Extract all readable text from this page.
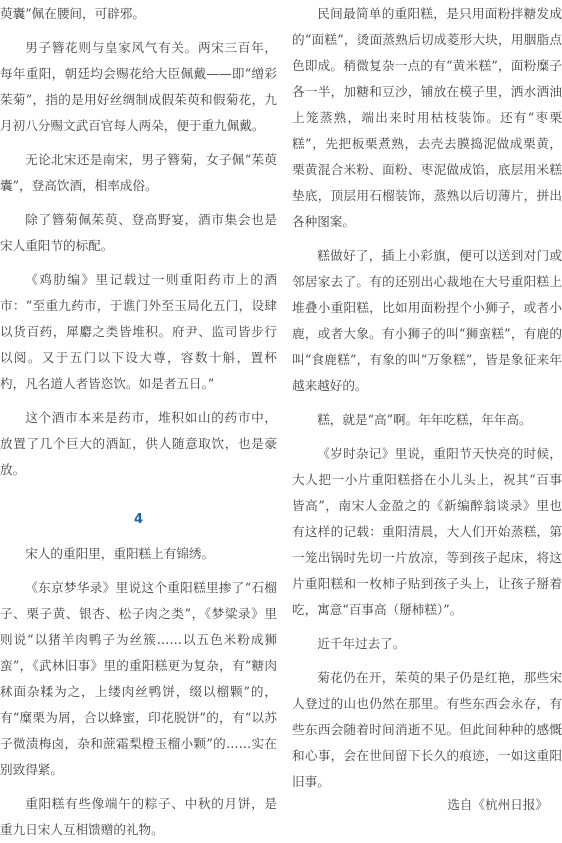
萸囊”佩在腰间，可辟邪。

男子簪花则与皇家风气有关。两宋三百年，每年重阳，朝廷均会赐花给大臣佩戴——即“缯彩茱菊”，指的是用好丝绸制成假茱萸和假菊花，九月初八分赐文武百官每人两朵，便于重九佩戴。

无论北宋还是南宋，男子簪菊，女子佩“茱萸囊”，登高饮酒，相率成俗。

除了簪菊佩茱萸、登高野宴，酒市集会也是宋人重阳节的标配。

《鸡肋编》里记载过一则重阳药市上的酒市：“至重九药市，于谯门外至玉局化五门，设肆以货百药，犀麝之类皆堆积。府尹、监司皆步行以阅。又于五门以下设大尊，容数十斛，置杯杓，凡名道人者皆恣饮。如是者五日。”

这个酒市本来是药市，堆积如山的药市中，放置了几个巨大的酒缸，供人随意取饮，也是豪放。

4

宋人的重阳里，重阳糕上有锦绣。

《东京梦华录》里说这个重阳糕里掺了“石榴子、栗子黄、银杏、松子肉之类”，《梦粱录》里则说“以猪羊肉鸭子为丝簇……以五色米粉成狮蛮”，《武林旧事》里的重阳糕更为复杂，有“糖肉秫面杂糅为之，上缕肉丝鸭饼，缀以榴颗”的，有“糜栗为屑，合以蜂蜜，印花脱饼”的，有“以苏子微渍梅卤，杂和蔗霜梨橙玉榴小颗”的……实在别致得紧。

重阳糕有些像端午的粽子、中秋的月饼，是重九日宋人互相馈赠的礼物。

民间最简单的重阳糕，是只用面粉拌糖发成的“面糕”，烫面蒸熟后切成菱形大块，用胭脂点色即成。稍微复杂一点的有“黄米糕”，面粉糜子各一半，加糖和豆沙，铺放在模子里，洒水洒油上笼蒸熟，端出来时用枯枝装饰。还有“枣栗糕”，先把板栗煮熟，去壳去膜捣泥做成栗黄，栗黄混合米粉、面粉、枣泥做成馅，底层用米糕垫底，顶层用石榴装饰，蒸熟以后切薄片，拼出各种图案。

糕做好了，插上小彩旗，便可以送到对门或邻居家去了。有的还别出心裁地在大号重阳糕上堆叠小重阳糕，比如用面粉捏个小狮子，或者小鹿，或者大象。有小狮子的叫“狮蛮糕”，有鹿的叫“食鹿糕”，有象的叫“万象糕”，皆是象征来年越来越好的。

糕，就是“高”啊。年年吃糕，年年高。

《岁时杂记》里说，重阳节天快亮的时候，大人把一小片重阳糕搭在小儿头上，祝其“百事皆高”，南宋人金盈之的《新编醉翁谈录》里也有这样的记载：重阳清晨，大人们开始蒸糕，第一笼出锅时先切一片放凉，等到孩子起床，将这片重阳糕和一枚柿子贴到孩子头上，让孩子掰着吃，寓意“百事高（掰柿糕）”。

近千年过去了。

菊花仍在开，茱萸的果子仍是红艳，那些宋人登过的山也仍然在那里。有些东西会永存，有些东西会随着时间消逝不见。但此间种种的感慨和心事，会在世间留下长久的痕迹，一如这重阳旧事。

选自《杭州日报》
